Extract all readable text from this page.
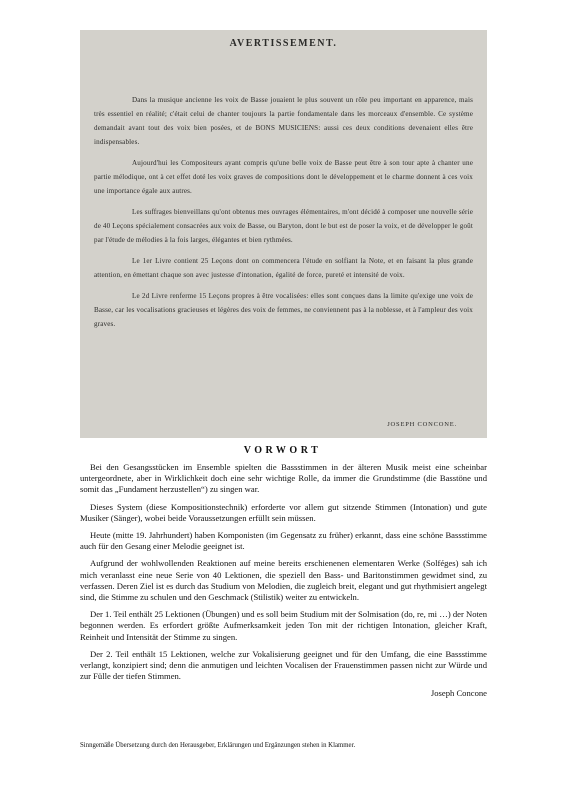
AVERTISSEMENT.

Dans la musique ancienne les voix de Basse jouaient le plus souvent un rôle peu important en apparence, mais très essentiel en réalité; c'était celui de chanter toujours la partie fondamentale dans les morceaux d'ensemble. Ce système demandait avant tout des voix bien posées, et de BONS MUSICIENS: aussi ces deux conditions devenaient elles être indispensables.

Aujourd'hui les Compositeurs ayant compris qu'une belle voix de Basse peut être à son tour apte à chanter une partie mélodique, ont à cet effet doté les voix graves de compositions dont le développement et le charme donnent à ces voix une importance égale aux autres.

Les suffrages bienveillans qu'ont obtenus mes ouvrages élémentaires, m'ont décidé à composer une nouvelle série de 40 Leçons spécialement consacrées aux voix de Basse, ou Baryton, dont le but est de poser la voix, et de développer le goût par l'étude de mélodies à la fois larges, élégantes et bien rythmées.

Le 1er Livre contient 25 Leçons dont on commencera l'étude en solfiant la Note, et en faisant la plus grande attention, en émettant chaque son avec justesse d'intonation, égalité de force, pureté et intensité de voix.

Le 2d Livre renferme 15 Leçons propres à être vocalisées: elles sont conçues dans la limite qu'exige une voix de Basse, car les vocalisations gracieuses et légères des voix de femmes, ne conviennent pas à la noblesse, et à l'ampleur des voix graves.

JOSEPH CONCONE.
VORWORT

Bei den Gesangsstücken im Ensemble spielten die Bassstimmen in der älteren Musik meist eine scheinbar untergeordnete, aber in Wirklichkeit doch eine sehr wichtige Rolle, da immer die Grundstimme (die Basstöne und somit das „Fundament herzustellen“) zu singen war.

Dieses System (diese Kompositionstechnik) erforderte vor allem gut sitzende Stimmen (Intonation) und gute Musiker (Sänger), wobei beide Voraussetzungen erfüllt sein müssen.

Heute (mitte 19. Jahrhundert) haben Komponisten (im Gegensatz zu früher) erkannt, dass eine schöne Bassstimme auch für den Gesang einer Melodie geeignet ist.

Aufgrund der wohlwollenden Reaktionen auf meine bereits erschienenen elementaren Werke (Solféges) sah ich mich veranlasst eine neue Serie von 40 Lektionen, die speziell den Bass- und Baritonstimmen gewidmet sind, zu verfassen. Deren Ziel ist es durch das Studium von Melodien, die zugleich breit, elegant und gut rhythmisiert angelegt sind, die Stimme zu schulen und den Geschmack (Stilistik) weiter zu entwickeln.

Der 1. Teil enthält 25 Lektionen (Übungen) und es soll beim Studium mit der Solmisation (do, re, mi …) der Noten begonnen werden. Es erfordert größte Aufmerksamkeit jeden Ton mit der richtigen Intonation, gleicher Kraft, Reinheit und Intensität der Stimme zu singen.

Der 2. Teil enthält 15 Lektionen, welche zur Vokalisierung geeignet und für den Umfang, die eine Bassstimme verlangt, konzipiert sind; denn die anmutigen und leichten Vocalisen der Frauenstimmen passen nicht zur Würde und zur Fülle der tiefen Stimmen.

Joseph Concone

Sinngemäße Übersetzung durch den Herausgeber, Erklärungen und Ergänzungen stehen in Klammer.
